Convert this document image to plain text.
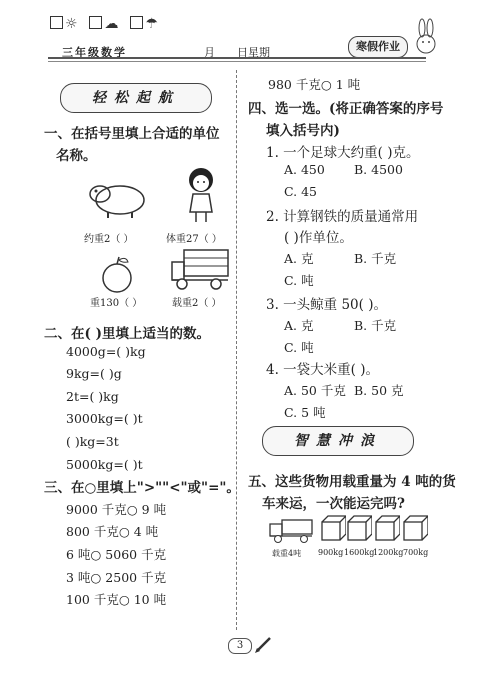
☼ ☁ ☂
三年级数学	____月____日星期____	寒假作业
轻松起航
一、在括号里填上合适的单位
名称。
约重2（ ）	体重27（ ）
重130（ ）	载重2（ ）
二、在( )里填上适当的数。
4000g=( )kg
9kg=( )g
2t=( )kg
3000kg=( )t
( )kg=3t
5000kg=( )t
三、在○里填上">""<"或"="。
9000 千克○ 9 吨
800 千克○ 4 吨
6 吨○ 5060 千克
3 吨○ 2500 千克
100 千克○ 10 吨
980 千克○ 1 吨
四、选一选。(将正确答案的序号
填入括号内)
1. 一个足球大约重( )克。
A. 450 B. 4500
C. 45
2. 计算钢铁的质量通常用
( )作单位。
A. 克	B. 千克
C. 吨
3. 一头鲸重 50( )。
A. 克	B. 千克
C. 吨
4. 一袋大米重( )。
A. 50 千克 B. 50 克
C. 5 吨
智慧冲浪
五、这些货物用载重量为 4 吨的货
车来运，一次能运完吗?
载重4吨 900kg 1600kg
1200kg 700kg
3
